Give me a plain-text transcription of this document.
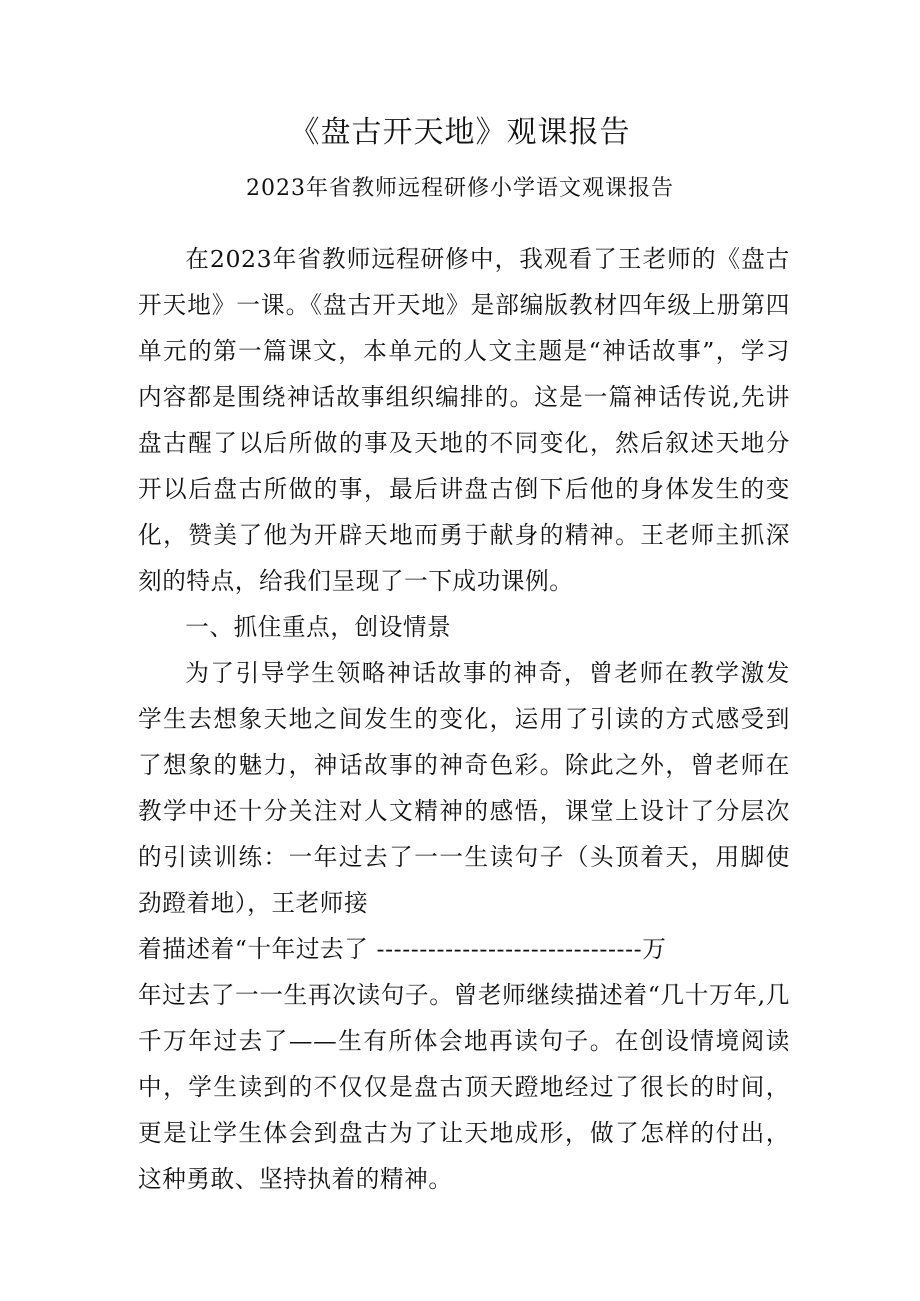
《盘古开天地》观课报告

2023年省教师远程研修小学语文观课报告

在2023年省教师远程研修中，我观看了王老师的《盘古开天地》一课。《盘古开天地》是部编版教材四年级上册第四单元的第一篇课文，本单元的人文主题是“神话故事”，学习内容都是围绕神话故事组织编排的。这是一篇神话传说,先讲盘古醒了以后所做的事及天地的不同变化，然后叙述天地分开以后盘古所做的事，最后讲盘古倒下后他的身体发生的变化，赞美了他为开辟天地而勇于献身的精神。王老师主抓深刻的特点，给我们呈现了一下成功课例。

一、抓住重点，创设情景

为了引导学生领略神话故事的神奇，曾老师在教学激发学生去想象天地之间发生的变化，运用了引读的方式感受到了想象的魅力，神话故事的神奇色彩。除此之外，曾老师在教学中还十分关注对人文精神的感悟，课堂上设计了分层次的引读训练：一年过去了一一生读句子（头顶着天，用脚使劲蹬着地），王老师接

着描述着“十年过去了 -------------------------------万

年过去了一一生再次读句子。曾老师继续描述着“几十万年,几千万年过去了——生有所体会地再读句子。在创设情境阅读中，学生读到的不仅仅是盘古顶天蹬地经过了很长的时间，更是让学生体会到盘古为了让天地成形，做了怎样的付出，这种勇敢、坚持执着的精神。
